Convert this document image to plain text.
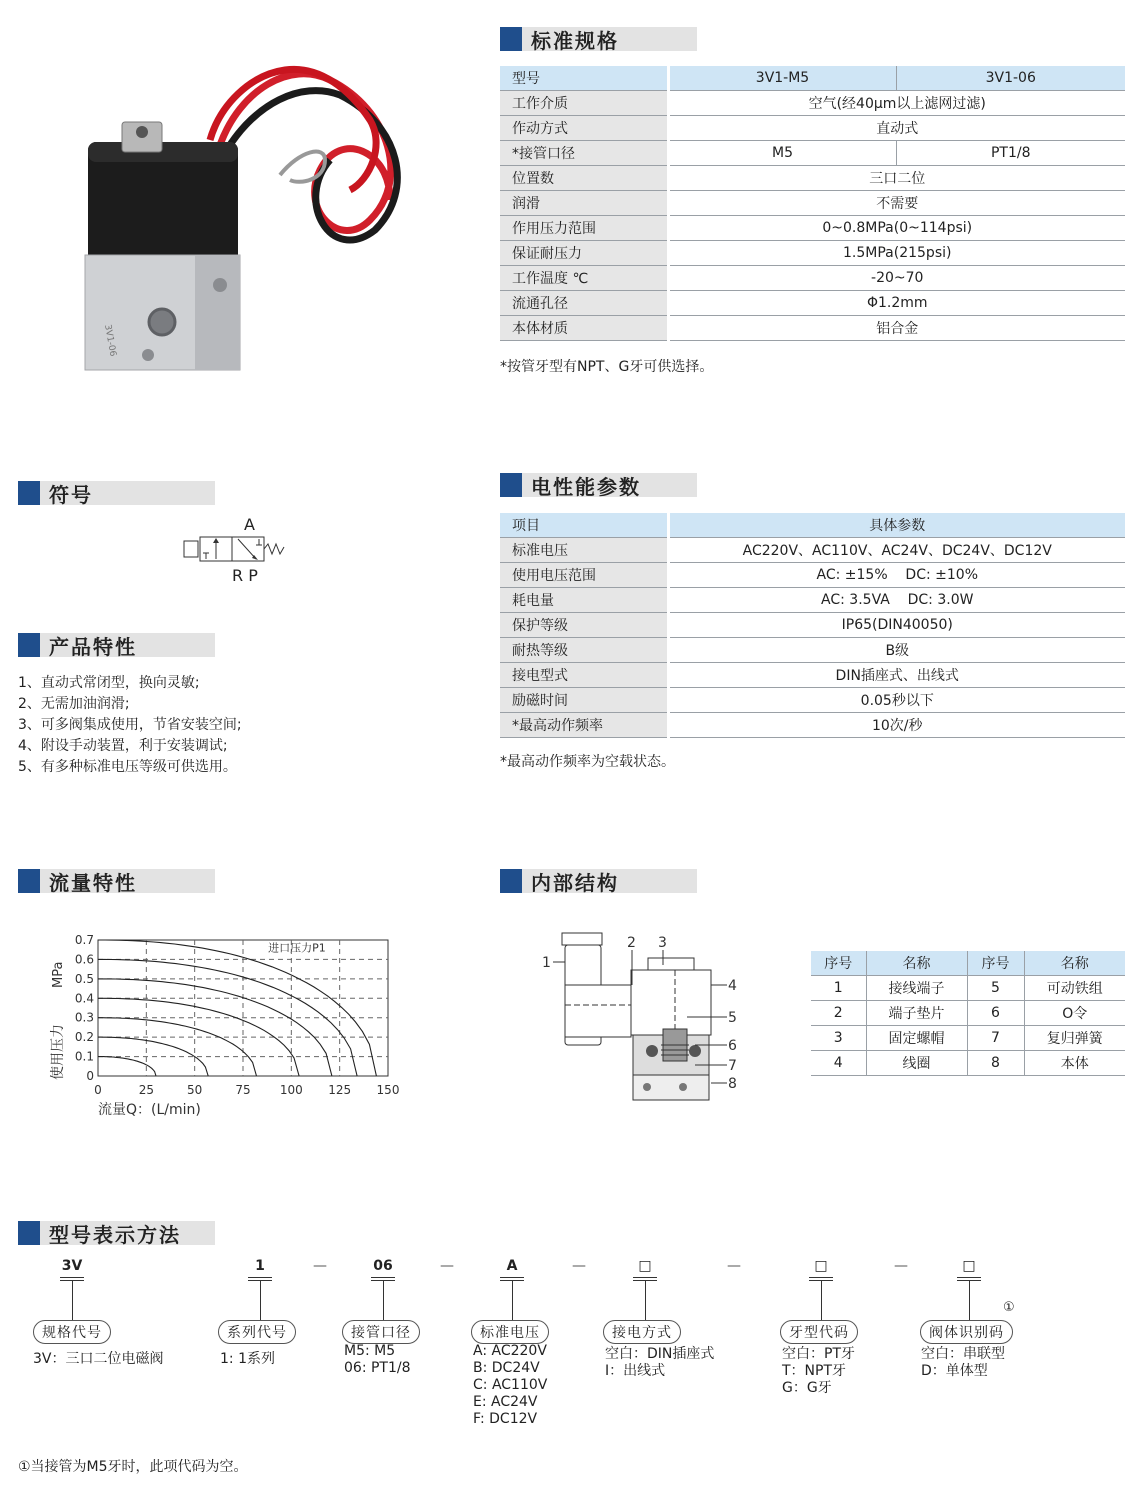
3V1-06
标准规格
型号	3V1-M5	3V1-06
工作介质	空气(经40μm以上滤网过滤)	
作动方式	直动式	
*接管口径	M5	PT1/8
位置数	三口二位	
润滑	不需要	
作用压力范围	0~0.8MPa(0~114psi)	
保证耐压力	1.5MPa(215psi)	
工作温度 ℃	-20~70	
流通孔径	Φ1.2mm	
本体材质	铝合金	
*按管牙型有NPT、G牙可供选择。
符号
A
R P
产品特性
1、直动式常闭型，换向灵敏;
2、无需加油润滑;
3、可多阀集成使用，节省安装空间;
4、附设手动装置，利于安装调试;
5、有多种标准电压等级可供选用。
电性能参数
项目	具体参数
标准电压	AC220V、AC110V、AC24V、DC24V、DC12V
使用电压范围	AC: ±15%    DC: ±10%
耗电量	AC: 3.5VA    DC: 3.0W
保护等级	IP65(DIN40050)
耐热等级	B级
接电型式	DIN插座式、出线式
励磁时间	0.05秒以下
*最高动作频率	10次/秒
*最高动作频率为空载状态。
流量特性
0
0.1
0.2
0.3
0.4
0.5
0.6
0.7
0	25	50	75 100 125 150
进口压力P1
流量Q：(L/min)
使用压力
MPa
内部结构
1
2 3
4
5
6
7
8
序号	名称	序号	名称
1	接线端子	5	可动铁组
2	端子垫片	6	O令
3	固定螺帽	7	复归弹簧
4	线圈	8	本体
型号表示方法
3V
规格代号
3V：三口二位电磁阀
1
系列代号
1: 1系列
—	06
接管口径
M5: M5
06: PT1/8
—	A
标准电压
A: AC220V
B: DC24V
C: AC110V
E: AC24V
F: DC12V
—	□
接电方式
空白：DIN插座式
I：出线式
—	□
牙型代码
空白：PT牙
T：NPT牙
G：G牙
—	□
①
阀体识别码
空白：串联型
D：单体型
①当接管为M5牙时，此项代码为空。
